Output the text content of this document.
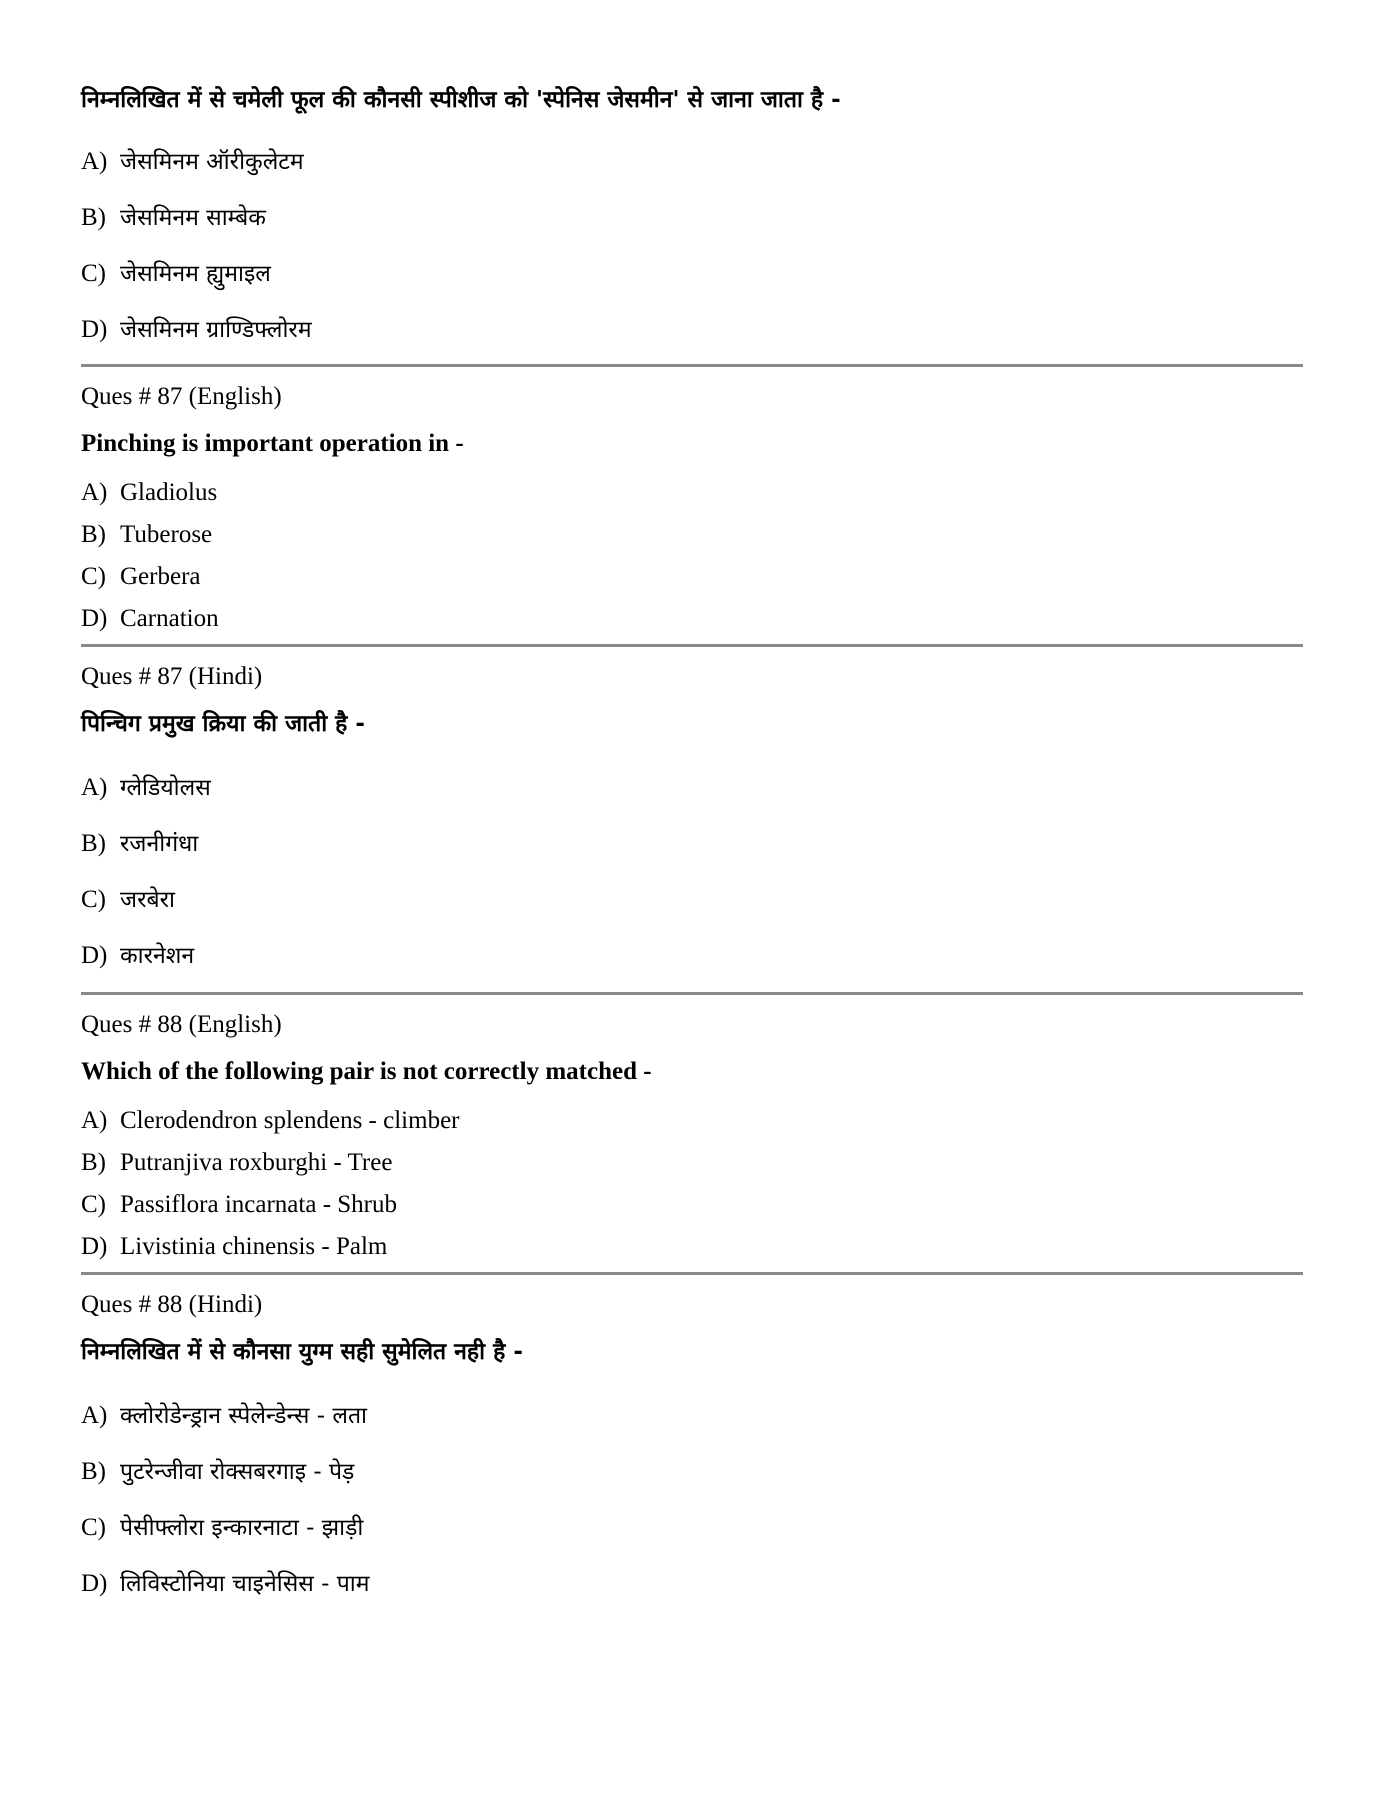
निम्नलिखित में से चमेली फूल की कौनसी स्पीशीज को 'स्पेनिस जेसमीन' से जाना जाता है -

A) जेसमिनम ऑरीकुलेटम
B) जेसमिनम साम्बेक
C) जेसमिनम ह्युमाइल
D) जेसमिनम ग्राण्डिफ्लोरम

Ques # 87 (English)

Pinching is important operation in -

A) Gladiolus
B) Tuberose
C) Gerbera
D) Carnation

Ques # 87 (Hindi)

पिन्चिग प्रमुख क्रिया की जाती है -

A) ग्लेडियोलस
B) रजनीगंधा
C) जरबेरा
D) कारनेशन

Ques # 88 (English)

Which of the following pair is not correctly matched -

A) Clerodendron splendens - climber
B) Putranjiva roxburghi - Tree
C) Passiflora incarnata - Shrub
D) Livistinia chinensis - Palm

Ques # 88 (Hindi)

निम्नलिखित में से कौनसा युग्म सही सुमेलित नही है -

A) क्लोरोडेन्ड्रान स्पेलेन्डेन्स - लता
B) पुटरेन्जीवा रोक्सबरगाइ - पेड़
C) पेसीफ्लोरा इन्कारनाटा - झाड़ी
D) लिविस्टोनिया चाइनेसिस - पाम
